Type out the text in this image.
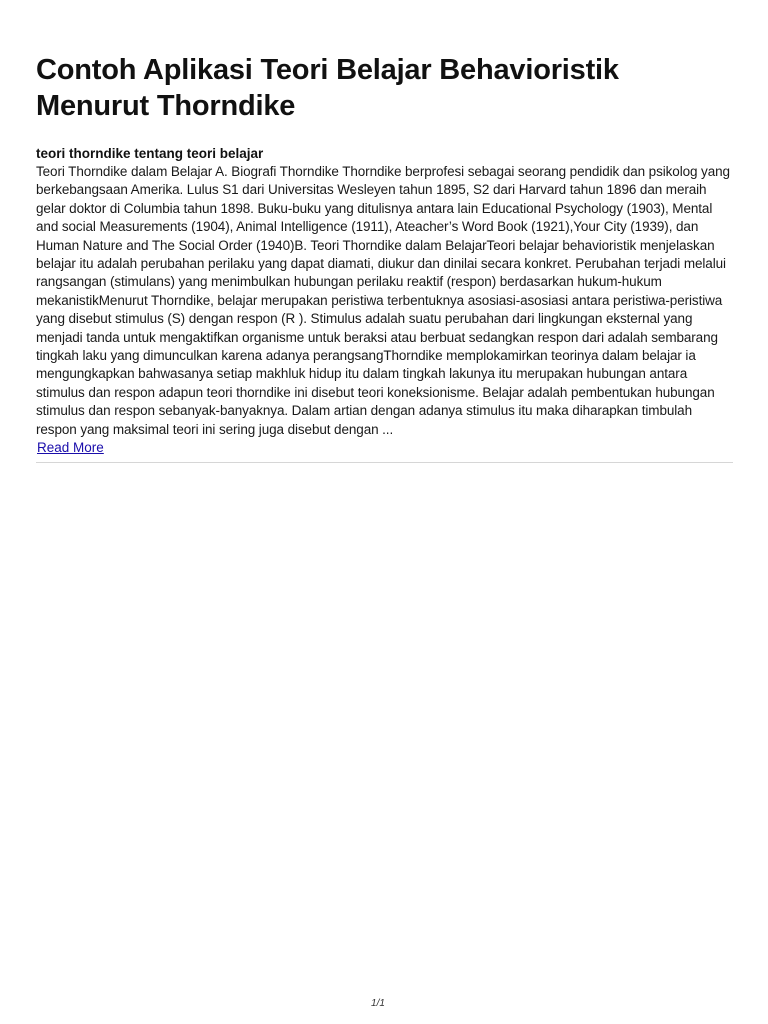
Contoh Aplikasi Teori Belajar Behavioristik Menurut Thorndike

teori thorndike tentang teori belajar

Teori Thorndike dalam Belajar A. Biografi Thorndike Thorndike berprofesi sebagai seorang pendidik dan psikolog yang berkebangsaan Amerika. Lulus S1 dari Universitas Wesleyen tahun 1895, S2 dari Harvard tahun 1896 dan meraih gelar doktor di Columbia tahun 1898. Buku-buku yang ditulisnya antara lain Educational Psychology (1903), Mental and social Measurements (1904), Animal Intelligence (1911), Ateacher’s Word Book (1921),Your City (1939), dan Human Nature and The Social Order (1940)B. Teori Thorndike dalam BelajarTeori belajar behavioristik menjelaskan belajar itu adalah perubahan perilaku yang dapat diamati, diukur dan dinilai secara konkret. Perubahan terjadi melalui rangsangan (stimulans) yang menimbulkan hubungan perilaku reaktif (respon) berdasarkan hukum-hukum mekanistikMenurut Thorndike, belajar merupakan peristiwa terbentuknya asosiasi-asosiasi antara peristiwa-peristiwa yang disebut stimulus (S) dengan respon (R ). Stimulus adalah suatu perubahan dari lingkungan eksternal yang menjadi tanda untuk mengaktifkan organisme untuk beraksi atau berbuat sedangkan respon dari adalah sembarang tingkah laku yang dimunculkan karena adanya perangsangThorndike memplokamirkan teorinya dalam belajar ia mengungkapkan bahwasanya setiap makhluk hidup itu dalam tingkah lakunya itu merupakan hubungan antara stimulus dan respon adapun teori thorndike ini disebut teori koneksionisme. Belajar adalah pembentukan hubungan stimulus dan respon sebanyak-banyaknya. Dalam artian dengan adanya stimulus itu maka diharapkan timbulah respon yang maksimal teori ini sering juga disebut dengan ...

Read More
1/1
